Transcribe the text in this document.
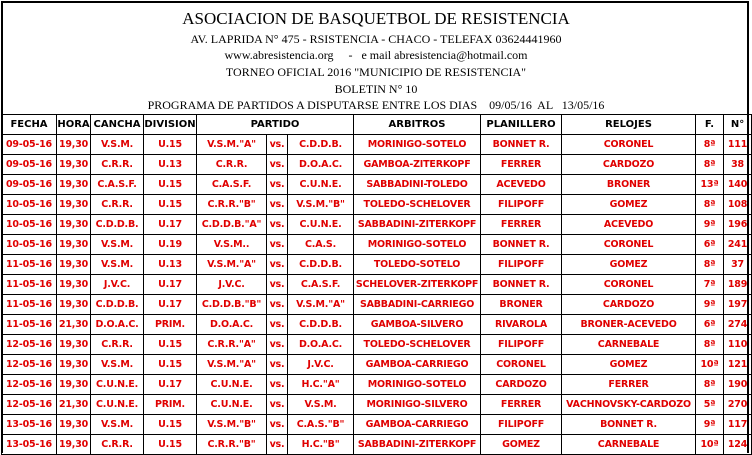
ASOCIACION DE BASQUETBOL DE RESISTENCIA
AV. LAPRIDA N° 475 - RSISTENCIA - CHACO - TELEFAX 03624441960
www.abresistencia.org     -   e mail abresistencia@hotmail.com
TORNEO OFICIAL 2016 "MUNICIPIO DE RESISTENCIA"
BOLETIN N° 10
PROGRAMA DE PARTIDOS A DISPUTARSE ENTRE LOS DIAS    09/05/16  AL   13/05/16
FECHA	HORA	CANCHA	DIVISION	PARTIDO			ARBITROS	PLANILLERO	RELOJES	F.	N°
09-05-16	19,30	V.S.M.	U.15	V.S.M."A"	vs.	C.D.D.B.	MORINIGO-SOTELO	BONNET R.	CORONEL	8ª	111
09-05-16	19,30	C.R.R.	U.13	C.R.R.	vs.	D.O.A.C.	GAMBOA-ZITERKOPF	FERRER	CARDOZO	8ª	38
09-05-16	19,30	C.A.S.F.	U.15	C.A.S.F.	vs.	C.U.N.E.	SABBADINI-TOLEDO	ACEVEDO	BRONER	13ª	140
10-05-16	19,30	C.R.R.	U.15	C.R.R."B"	vs.	V.S.M."B"	TOLEDO-SCHELOVER	FILIPOFF	GOMEZ	8ª	108
10-05-16	19,30	C.D.D.B.	U.17	C.D.D.B."A"	vs.	C.U.N.E.	SABBADINI-ZITERKOPF	FERRER	ACEVEDO	9ª	196
10-05-16	19,30	V.S.M.	U.19	V.S.M..	vs.	C.A.S.	MORINIGO-SOTELO	BONNET R.	CORONEL	6ª	241
11-05-16	19,30	V.S.M.	U.13	V.S.M."A"	vs.	C.D.D.B.	TOLEDO-SOTELO	FILIPOFF	GOMEZ	8ª	37
11-05-16	19,30	J.V.C.	U.17	J.V.C.	vs.	C.A.S.F.	SCHELOVER-ZITERKOPF	BONNET R.	CORONEL	7ª	189
11-05-16	19,30	C.D.D.B.	U.17	C.D.D.B."B"	vs.	V.S.M."A"	SABBADINI-CARRIEGO	BRONER	CARDOZO	9ª	197
11-05-16	21,30	D.O.A.C.	PRIM.	D.O.A.C.	vs.	C.D.D.B.	GAMBOA-SILVERO	RIVAROLA	BRONER-ACEVEDO	6ª	274
12-05-16	19,30	C.R.R.	U.15	C.R.R."A"	vs.	D.O.A.C.	TOLEDO-SCHELOVER	FILIPOFF	CARNEBALE	8ª	110
12-05-16	19,30	V.S.M.	U.15	V.S.M."A"	vs.	J.V.C.	GAMBOA-CARRIEGO	CORONEL	GOMEZ	10ª	121
12-05-16	19,30	C.U.N.E.	U.17	C.U.N.E.	vs.	H.C."A"	MORINIGO-SOTELO	CARDOZO	FERRER	8ª	190
12-05-16	21,30	C.U.N.E.	PRIM.	C.U.N.E.	vs.	V.S.M.	MORINIGO-SILVERO	FERRER	VACHNOVSKY-CARDOZO	5ª	270
13-05-16	19,30	V.S.M.	U.15	V.S.M."B"	vs.	C.A.S."B"	GAMBOA-CARRIEGO	FILIPOFF	BONNET R.	9ª	117
13-05-16	19,30	C.R.R.	U.15	C.R.R."B"	vs.	H.C."B"	SABBADINI-ZITERKOPF	GOMEZ	CARNEBALE	10ª	124
